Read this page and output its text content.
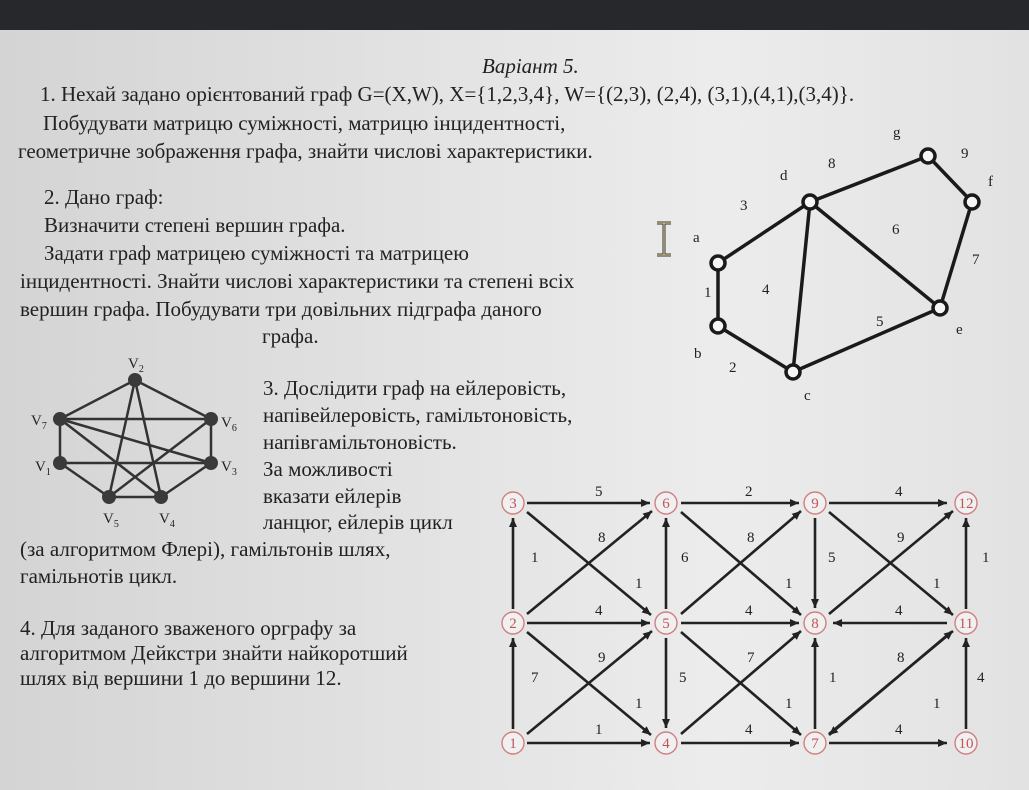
Варіант 5.
1. Нехай задано орієнтований граф G=(X,W), X={1,2,3,4}, W={(2,3), (2,4), (3,1),(4,1),(3,4)}.
Побудувати матрицю суміжності, матрицю інцидентності,
геометричне зображення графа, знайти числові характеристики.
2. Дано граф:
Визначити степені вершин графа.
Задати граф матрицею суміжності та матрицею
інцидентності. Знайти числові характеристики та степені всіх
вершин графа. Побудувати три довільних підграфа даного
графа.
3. Дослідити граф на ейлеровість,
напівейлеровість, гамільтоновість,
напівгамільтоновість.
За можливості
вказати ейлерів
ланцюг, ейлерів цикл
(за алгоритмом Флері), гамільтонів шлях,
гамільнотів цикл.
4. Для заданого зваженого орграфу за
алгоритмом Дейкстри знайти найкоротший
шлях від вершини 1 до вершини 12.
a
b
c
d
e
f
g
1
2
3
4
5
6
7
8
9
$V_1$
$V_2$
$V_3$
$V_4$
$V_5$
$V_6$
$V_7$
1
2
3
4
5
6
7
8
9
10
11
12
5	2	4
1	6	5	1
8	8	9
1	1	1
4	4	4
7	5	1	4
9	7	8
1	1	1
1	4	4
